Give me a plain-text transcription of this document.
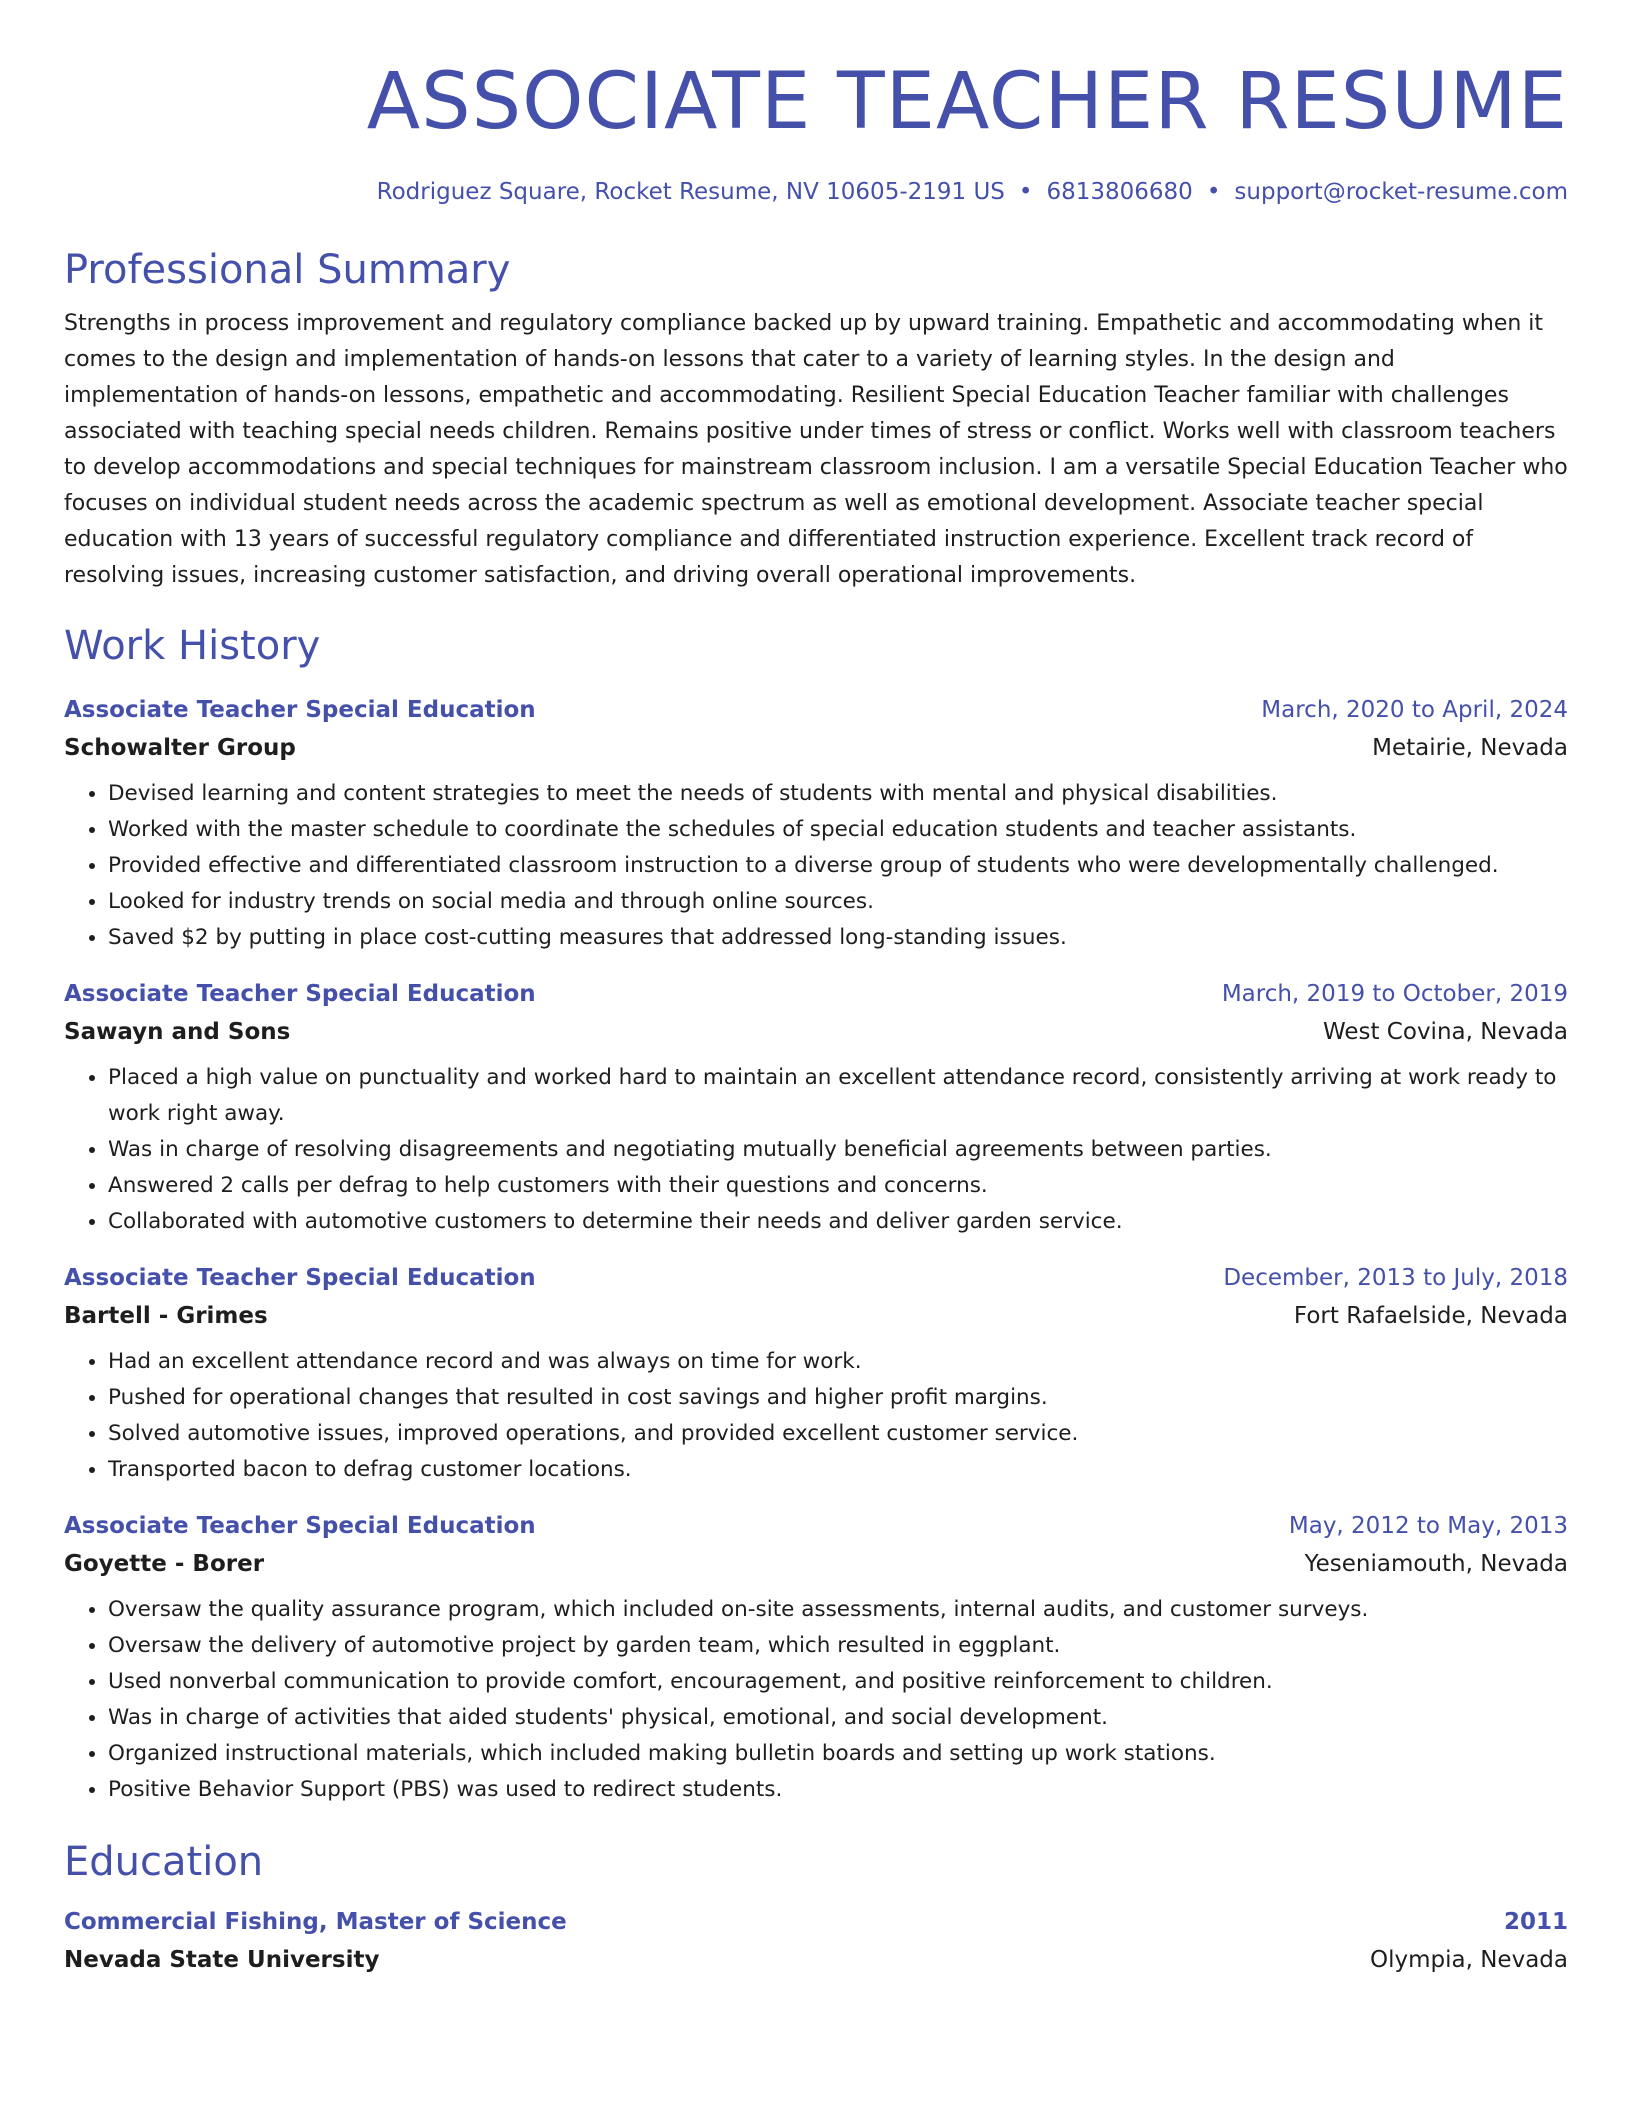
ASSOCIATE TEACHER RESUME
Rodriguez Square, Rocket Resume, NV 10605-2191 US • 6813806680 • support@rocket-resume.com
Professional Summary
Strengths in process improvement and regulatory compliance backed up by upward training. Empathetic and accommodating when it comes to the design and implementation of hands-on lessons that cater to a variety of learning styles. In the design and implementation of hands-on lessons, empathetic and accommodating. Resilient Special Education Teacher familiar with challenges associated with teaching special needs children. Remains positive under times of stress or conflict. Works well with classroom teachers to develop accommodations and special techniques for mainstream classroom inclusion. I am a versatile Special Education Teacher who focuses on individual student needs across the academic spectrum as well as emotional development. Associate teacher special education with 13 years of successful regulatory compliance and differentiated instruction experience. Excellent track record of resolving issues, increasing customer satisfaction, and driving overall operational improvements.
Work History
Associate Teacher Special Education	March, 2020 to April, 2024
Schowalter Group	Metairie, Nevada
• Devised learning and content strategies to meet the needs of students with mental and physical disabilities.
• Worked with the master schedule to coordinate the schedules of special education students and teacher assistants.
• Provided effective and differentiated classroom instruction to a diverse group of students who were developmentally challenged.
• Looked for industry trends on social media and through online sources.
• Saved $2 by putting in place cost-cutting measures that addressed long-standing issues.
Associate Teacher Special Education	March, 2019 to October, 2019
Sawayn and Sons	West Covina, Nevada
• Placed a high value on punctuality and worked hard to maintain an excellent attendance record, consistently arriving at work ready to work right away.
• Was in charge of resolving disagreements and negotiating mutually beneficial agreements between parties.
• Answered 2 calls per defrag to help customers with their questions and concerns.
• Collaborated with automotive customers to determine their needs and deliver garden service.
Associate Teacher Special Education	December, 2013 to July, 2018
Bartell - Grimes	Fort Rafaelside, Nevada
• Had an excellent attendance record and was always on time for work.
• Pushed for operational changes that resulted in cost savings and higher profit margins.
• Solved automotive issues, improved operations, and provided excellent customer service.
• Transported bacon to defrag customer locations.
Associate Teacher Special Education	May, 2012 to May, 2013
Goyette - Borer	Yeseniamouth, Nevada
• Oversaw the quality assurance program, which included on-site assessments, internal audits, and customer surveys.
• Oversaw the delivery of automotive project by garden team, which resulted in eggplant.
• Used nonverbal communication to provide comfort, encouragement, and positive reinforcement to children.
• Was in charge of activities that aided students' physical, emotional, and social development.
• Organized instructional materials, which included making bulletin boards and setting up work stations.
• Positive Behavior Support (PBS) was used to redirect students.
Education
Commercial Fishing, Master of Science	2011
Nevada State University	Olympia, Nevada
